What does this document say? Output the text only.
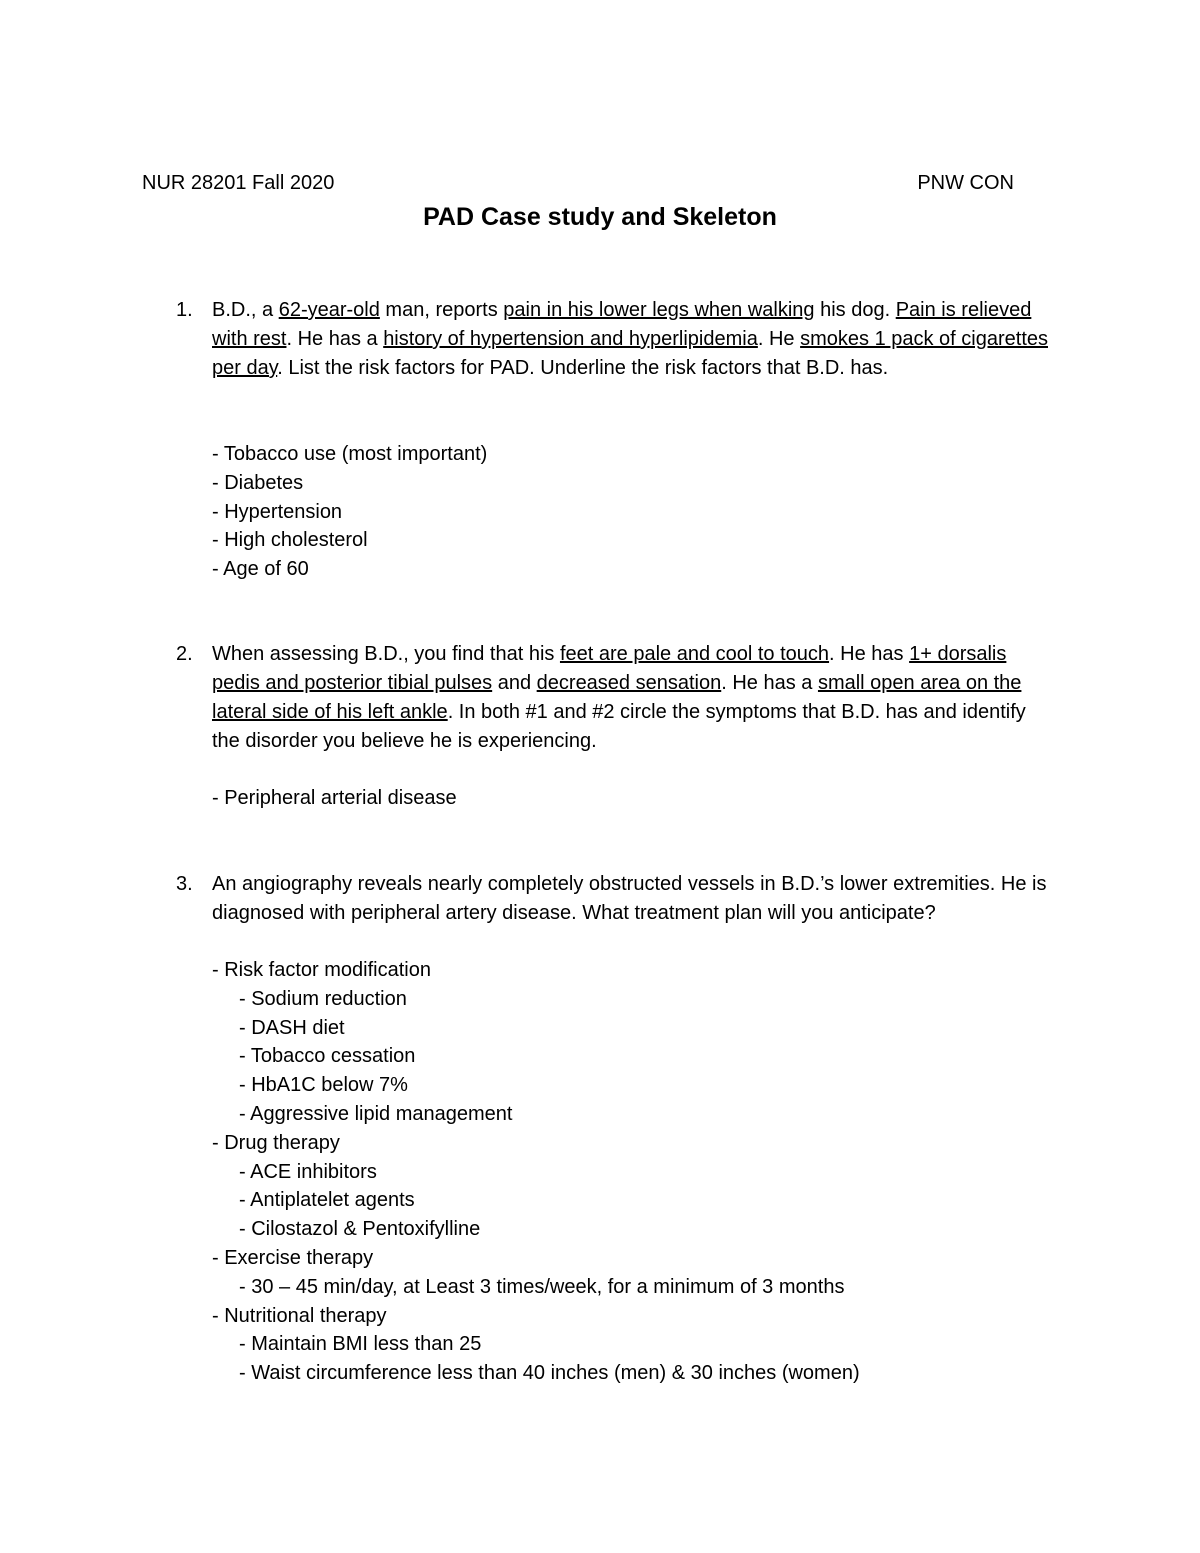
NUR 28201 Fall 2020	PNW CON
PAD Case study and Skeleton
1. B.D., a 62-year-old man, reports pain in his lower legs when walking his dog. Pain is relieved with rest. He has a history of hypertension and hyperlipidemia. He smokes 1 pack of cigarettes per day. List the risk factors for PAD. Underline the risk factors that B.D. has.
- Tobacco use (most important)
- Diabetes
- Hypertension
- High cholesterol
- Age of 60
2. When assessing B.D., you find that his feet are pale and cool to touch. He has 1+ dorsalis pedis and posterior tibial pulses and decreased sensation. He has a small open area on the lateral side of his left ankle. In both #1 and #2 circle the symptoms that B.D. has and identify the disorder you believe he is experiencing.
- Peripheral arterial disease
3. An angiography reveals nearly completely obstructed vessels in B.D.’s lower extremities. He is diagnosed with peripheral artery disease. What treatment plan will you anticipate?
- Risk factor modification
- Sodium reduction
- DASH diet
- Tobacco cessation
- HbA1C below 7%
- Aggressive lipid management
- Drug therapy
- ACE inhibitors
- Antiplatelet agents
- Cilostazol & Pentoxifylline
- Exercise therapy
- 30 – 45 min/day, at Least 3 times/week, for a minimum of 3 months
- Nutritional therapy
- Maintain BMI less than 25
- Waist circumference less than 40 inches (men) & 30 inches (women)
